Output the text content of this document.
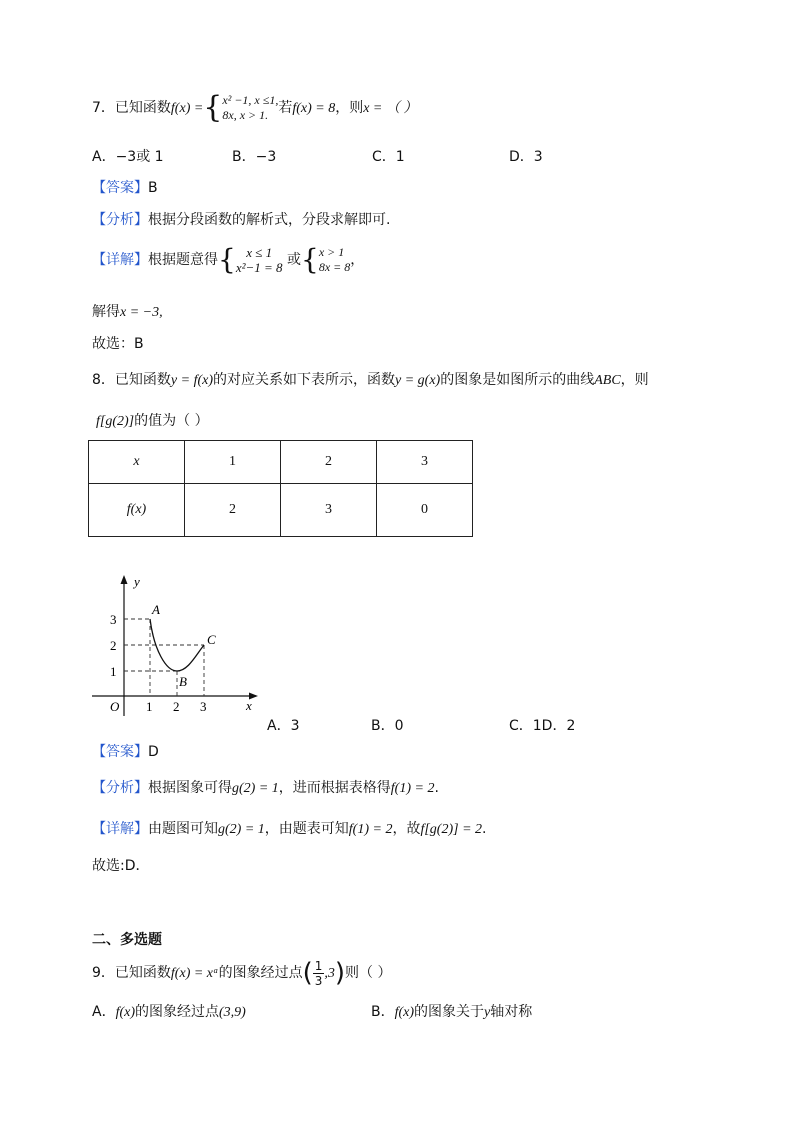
7．已知函数f(x) ={ x² −1, x ≤1,
8x, x > 1. 若f(x) = 8，则x = （ ）
A．−3或 1	B．−3	C．1	D．3
【答案】B
【分析】根据分段函数的解析式，分段求解即可.
【详解】根据题意得{ x ≤ 1
x²−1 = 8 或{ x > 1
8x = 8 ，
解得x = −3,
故选：B
8．已知函数y = f(x)的对应关系如下表所示，函数y = g(x)的图象是如图所示的曲线ABC，则
f[g(2)]的值为（ ）
x	1	2	3
f(x)	2	3	0
y
x
O 1 2 3
1
2
3
A
B
C
A．3	B．0	C．1D．2
【答案】D
【分析】根据图象可得g(2) = 1，进而根据表格得f(1) = 2.
【详解】由题图可知g(2) = 1，由题表可知f(1) = 2，故f[g(2)] = 2.
故选:D．
二、多选题
9．已知函数f(x) = xᵃ的图象经过点( $\frac{1}{3} ,3$)则（ ）
A．f(x)的图象经过点(3,9)	B．f(x)的图象关于y轴对称
